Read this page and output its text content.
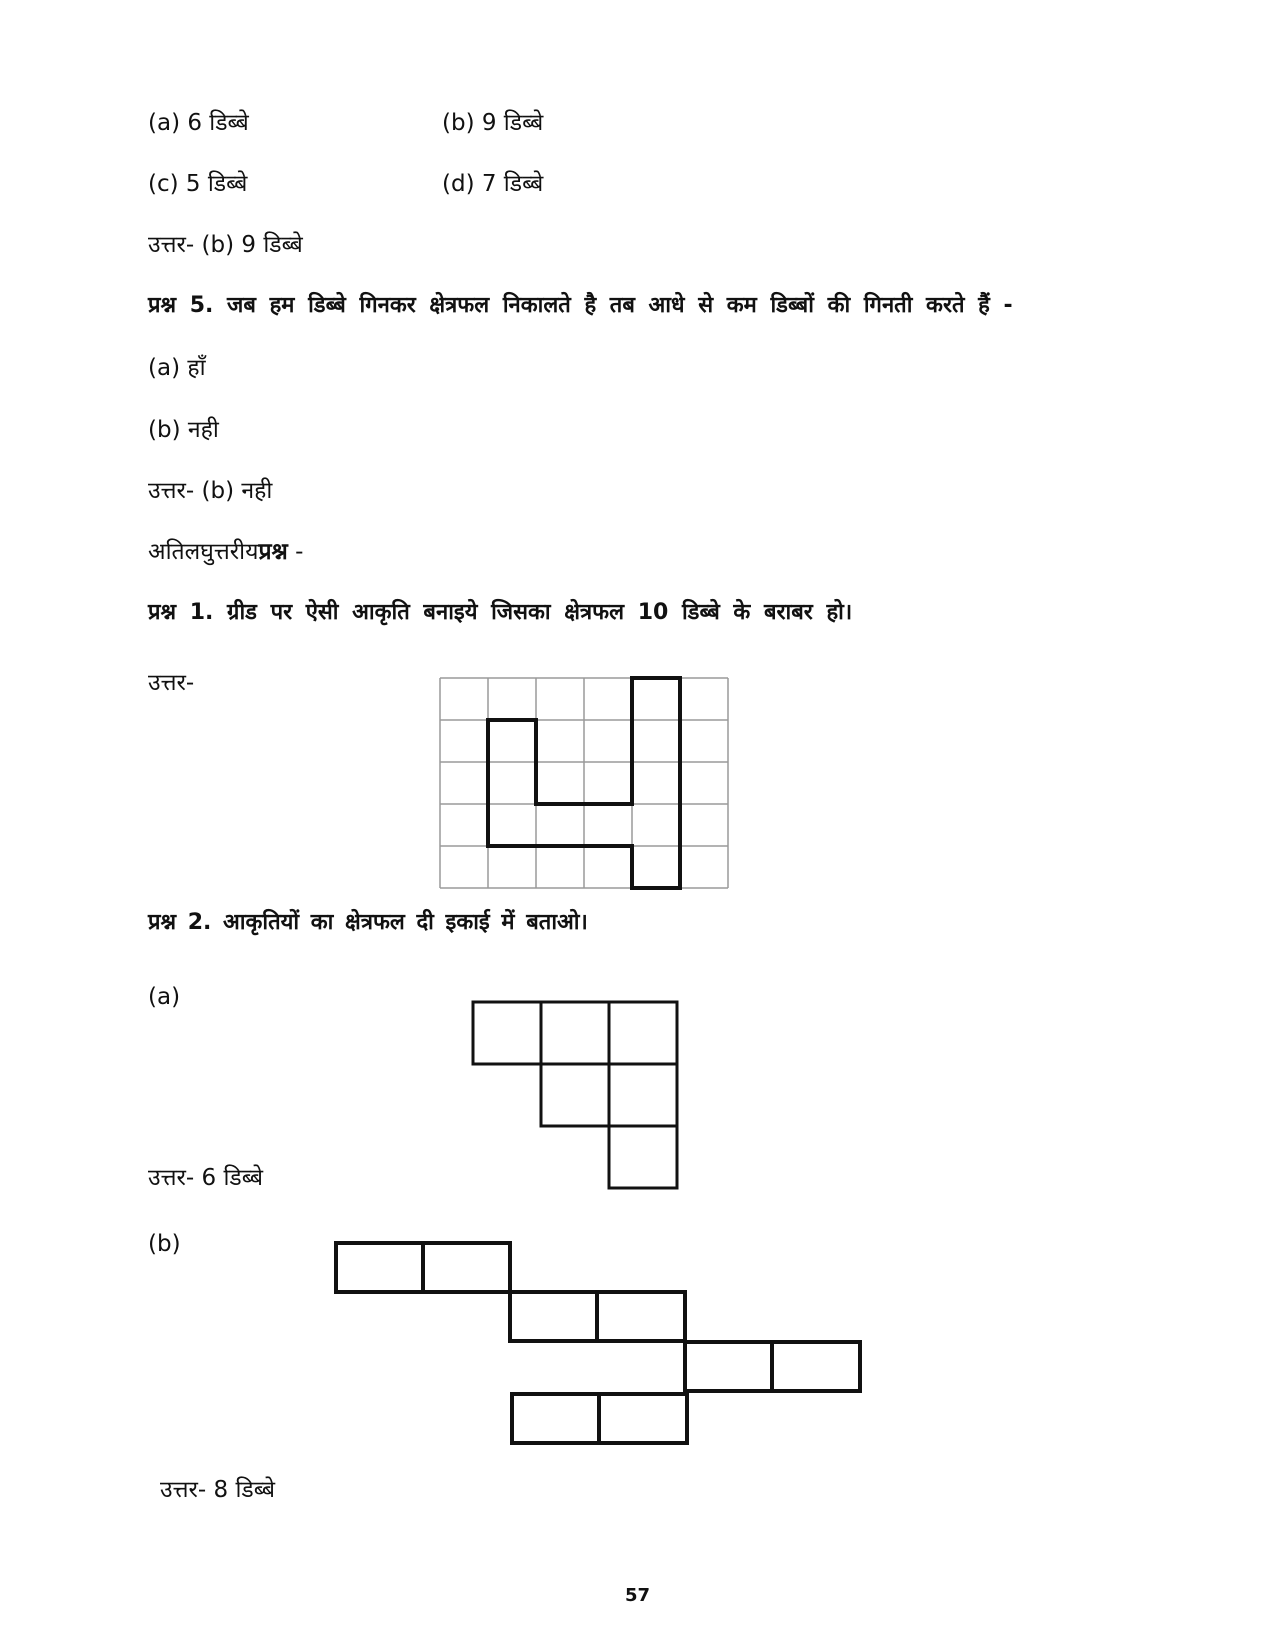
(a) 6 डिब्बे	(b) 9 डिब्बे
(c) 5 डिब्बे	(d) 7 डिब्बे
उत्तर- (b) 9 डिब्बे
प्रश्न 5. जब हम डिब्बे गिनकर क्षेत्रफल निकालते है तब आधे से कम डिब्बों की गिनती करते हैं -
(a) हाँ
(b) नही
उत्तर- (b) नही
अतिलघुत्तरीयप्रश्न -
प्रश्न 1. ग्रीड पर ऐसी आकृति बनाइये जिसका क्षेत्रफल 10 डिब्बे के बराबर हो।
उत्तर-
प्रश्न 2. आकृतियों का क्षेत्रफल दी इकाई में बताओ।
(a)
उत्तर- 6 डिब्बे
(b)
उत्तर- 8 डिब्बे
57
